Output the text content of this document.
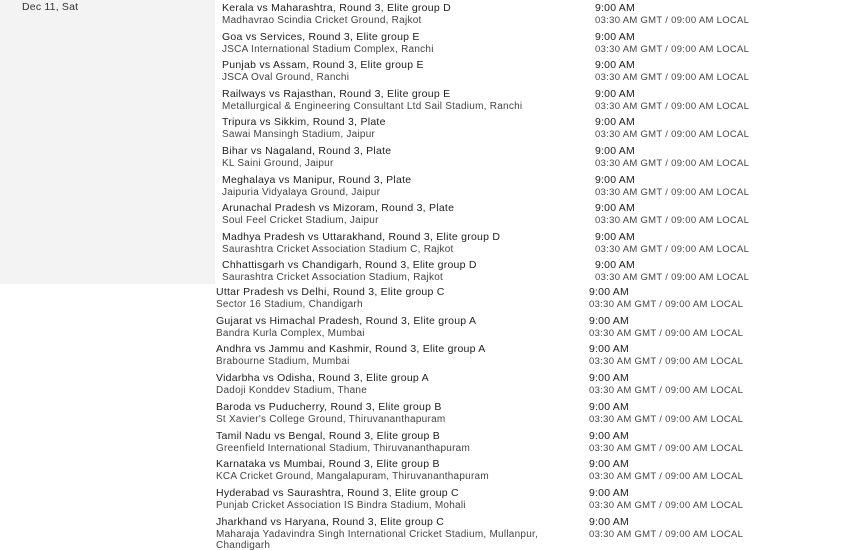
Dec 11, Sat	Kerala vs Maharashtra, Round 3, Elite group D
Madhavrao Scindia Cricket Ground, Rajkot
9:00 AM
03:30 AM GMT / 09:00 AM LOCAL
Goa vs Services, Round 3, Elite group E
JSCA International Stadium Complex, Ranchi
9:00 AM
03:30 AM GMT / 09:00 AM LOCAL
Punjab vs Assam, Round 3, Elite group E
JSCA Oval Ground, Ranchi
9:00 AM
03:30 AM GMT / 09:00 AM LOCAL
Railways vs Rajasthan, Round 3, Elite group E
Metallurgical & Engineering Consultant Ltd Sail Stadium, Ranchi
9:00 AM
03:30 AM GMT / 09:00 AM LOCAL
Tripura vs Sikkim, Round 3, Plate
Sawai Mansingh Stadium, Jaipur
9:00 AM
03:30 AM GMT / 09:00 AM LOCAL
Bihar vs Nagaland, Round 3, Plate
KL Saini Ground, Jaipur
9:00 AM
03:30 AM GMT / 09:00 AM LOCAL
Meghalaya vs Manipur, Round 3, Plate
Jaipuria Vidyalaya Ground, Jaipur
9:00 AM
03:30 AM GMT / 09:00 AM LOCAL
Arunachal Pradesh vs Mizoram, Round 3, Plate
Soul Feel Cricket Stadium, Jaipur
9:00 AM
03:30 AM GMT / 09:00 AM LOCAL
Madhya Pradesh vs Uttarakhand, Round 3, Elite group D
Saurashtra Cricket Association Stadium C, Rajkot
9:00 AM
03:30 AM GMT / 09:00 AM LOCAL
Chhattisgarh vs Chandigarh, Round 3, Elite group D
Saurashtra Cricket Association Stadium, Rajkot
9:00 AM
03:30 AM GMT / 09:00 AM LOCAL
Uttar Pradesh vs Delhi, Round 3, Elite group C
Sector 16 Stadium, Chandigarh
9:00 AM
03:30 AM GMT / 09:00 AM LOCAL
Gujarat vs Himachal Pradesh, Round 3, Elite group A
Bandra Kurla Complex, Mumbai
9:00 AM
03:30 AM GMT / 09:00 AM LOCAL
Andhra vs Jammu and Kashmir, Round 3, Elite group A
Brabourne Stadium, Mumbai
9:00 AM
03:30 AM GMT / 09:00 AM LOCAL
Vidarbha vs Odisha, Round 3, Elite group A
Dadoji Konddev Stadium, Thane
9:00 AM
03:30 AM GMT / 09:00 AM LOCAL
Baroda vs Puducherry, Round 3, Elite group B
St Xavier's College Ground, Thiruvananthapuram
9:00 AM
03:30 AM GMT / 09:00 AM LOCAL
Tamil Nadu vs Bengal, Round 3, Elite group B
Greenfield International Stadium, Thiruvananthapuram
9:00 AM
03:30 AM GMT / 09:00 AM LOCAL
Karnataka vs Mumbai, Round 3, Elite group B
KCA Cricket Ground, Mangalapuram, Thiruvananthapuram
9:00 AM
03:30 AM GMT / 09:00 AM LOCAL
Hyderabad vs Saurashtra, Round 3, Elite group C
Punjab Cricket Association IS Bindra Stadium, Mohali
9:00 AM
03:30 AM GMT / 09:00 AM LOCAL
Jharkhand vs Haryana, Round 3, Elite group C
Maharaja Yadavindra Singh International Cricket Stadium, Mullanpur, Chandigarh
9:00 AM
03:30 AM GMT / 09:00 AM LOCAL
